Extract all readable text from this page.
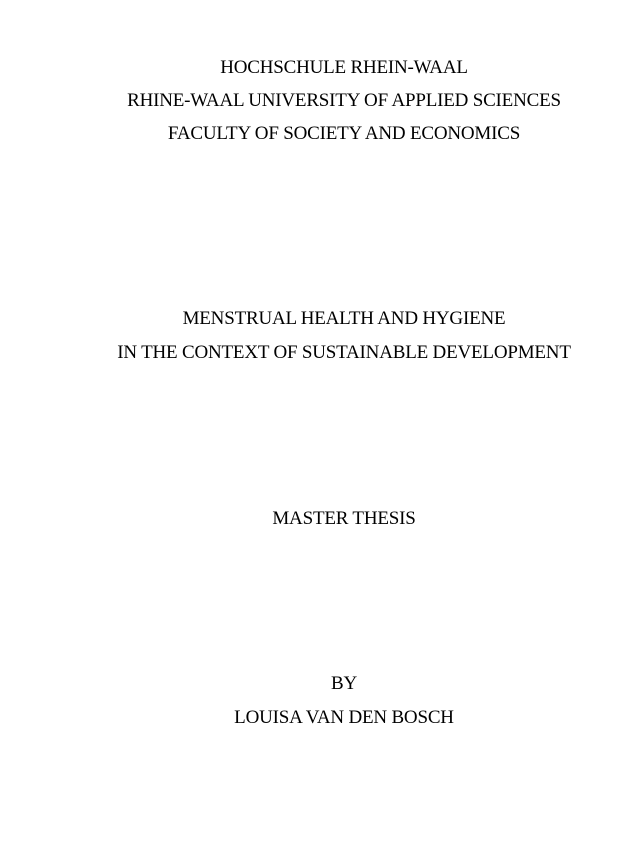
HOCHSCHULE RHEIN-WAAL
RHINE-WAAL UNIVERSITY OF APPLIED SCIENCES
FACULTY OF SOCIETY AND ECONOMICS
MENSTRUAL HEALTH AND HYGIENE
IN THE CONTEXT OF SUSTAINABLE DEVELOPMENT
MASTER THESIS
BY
LOUISA VAN DEN BOSCH
